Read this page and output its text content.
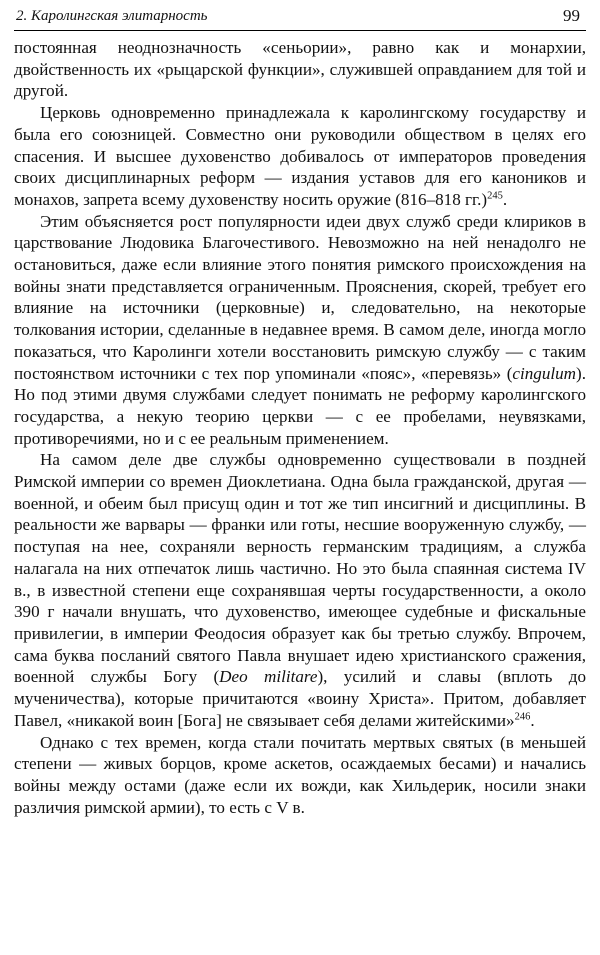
2. Каролингская элитарность	99

постоянная неоднозначность «сеньории», равно как и монархии, двойственность их «рыцарской функции», служившей оправданием для той и другой.

Церковь одновременно принадлежала к каролингскому государству и была его союзницей. Совместно они руководили обществом в целях его спасения. И высшее духовенство добивалось от императоров проведения своих дисциплинарных реформ — издания уставов для его каноников и монахов, запрета всему духовенству носить оружие (816–818 гг.)$^{245}$.

Этим объясняется рост популярности идеи двух служб среди клириков в царствование Людовика Благочестивого. Невозможно на ней ненадолго не остановиться, даже если влияние этого понятия римского происхождения на войны знати представляется ограниченным. Прояснения, скорей, требует его влияние на источники (церковные) и, следовательно, на некоторые толкования истории, сделанные в недавнее время. В самом деле, иногда могло показаться, что Каролинги хотели восстановить римскую службу — с таким постоянством источники с тех пор упоминали «пояс», «перевязь» (cingulum). Но под этими двумя службами следует понимать не реформу каролингского государства, а некую теорию церкви — с ее пробелами, неувязками, противоречиями, но и с ее реальным применением.

На самом деле две службы одновременно существовали в поздней Римской империи со времен Диоклетиана. Одна была гражданской, другая — военной, и обеим был присущ один и тот же тип инсигний и дисциплины. В реальности же варвары — франки или готы, несшие вооруженную службу, — поступая на нее, сохраняли верность германским традициям, а служба налагала на них отпечаток лишь частично. Но это была спаянная система IV в., в известной степени еще сохранявшая черты государственности, а около 390 г начали внушать, что духовенство, имеющее судебные и фискальные привилегии, в империи Феодосия образует как бы третью службу. Впрочем, сама буква посланий святого Павла внушает идею христианского сражения, военной службы Богу (Deo militare), усилий и славы (вплоть до мученичества), которые причитаются «воину Христа». Притом, добавляет Павел, «никакой воин [Бога] не связывает себя делами житейскими»$^{246}$.

Однако с тех времен, когда стали почитать мертвых святых (в меньшей степени — живых борцов, кроме аскетов, осаждаемых бесами) и начались войны между остами (даже если их вожди, как Хильдерик, носили знаки различия римской армии), то есть с V в.
